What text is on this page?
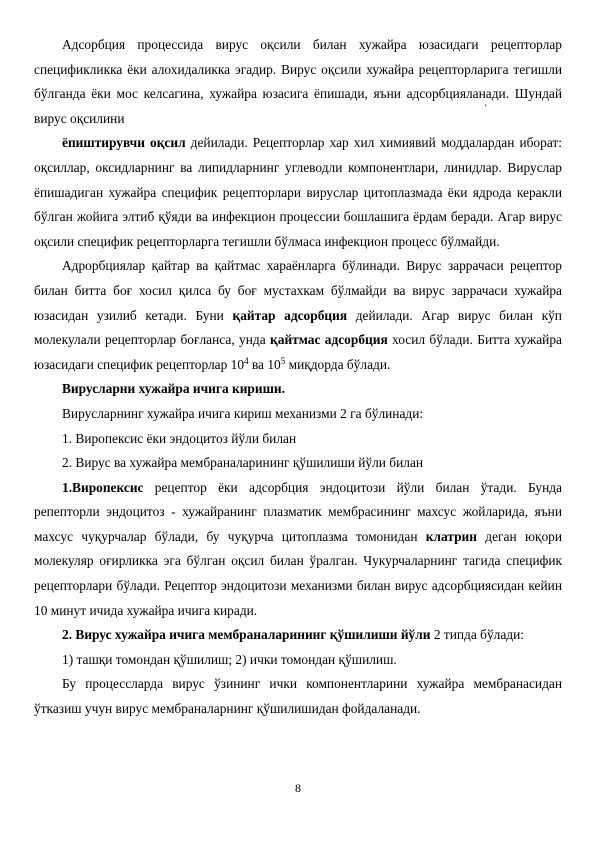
Адсорбция процессида вирус оқсили билан хужайра юзасидаги рецепторлар спецификликка ёки алохидаликка эгадир. Вирус оқсили хужайра рецепторларига тегишли бўлганда ёки мос келсагина, хужайра юзасига ёпишади, яъни адсорбцияланади. Шундай вирус оқсилини

ёпиштирувчи оқсил дейилади. Рецепторлар хар хил химиявий моддалардан иборат: оқсиллар, оксидларнинг ва липидларнинг углеводли компонентлари, линидлар. Вируслар ёпишадиган хужайра специфик рецепторлари вируслар цитоплазмада ёки ядрода керакли бўлган жойига элтиб қўяди ва инфекцион процессии бошлашига ёрдам беради. Агар вирус оқсили специфик рецепторларга тегишли бўлмаса инфекцион процесс бўлмайди.

Адрорбциялар қайтар ва қайтмас хараёнларга бўлинади. Вирус заррачаси рецептор билан битта боғ хосил қилса бу боғ мустахкам бўлмайди ва вирус заррачаси хужайра юзасидан узилиб кетади. Буни қайтар адсорбция дейилади. Агар вирус билан кўп молекулали рецепторлар боғланса, унда қайтмас адсорбция хосил бўлади. Битта хужайра юзасидаги специфик рецепторлар $10^4$ ва $10^5$ миқдорда бўлади.

Вирусларни хужайра ичига кириши.

Вирусларнинг хужайра ичига кириш механизми 2 га бўлинади:

1. Виропексис ёки эндоцитоз йўли билан

2. Вирус ва хужайра мембраналарининг қўшилиши йўли билан

1.Виропексис рецептор ёки адсорбция эндоцитози йўли билан ўтади. Бунда репепторли эндоцитоз - хужайранинг плазматик мембрасининг махсус жойларида, яъни махсус чуқурчалар бўлади, бу чуқурча цитоплазма томонидан клатрин деган юқори молекуляр оғирликка эга бўлган оқсил билан ўралган. Чукурчаларнинг тагида специфик рецепторлари бўлади. Рецептор эндоцитози механизми билан вирус адсорбциясидан кейин 10 минут ичида хужайра ичига киради.

2. Вирус хужайра ичига мембраналарининг қўшилиши йўли 2 типда бўлади:

1) ташқи томондан қўшилиш; 2) ички томондан қўшилиш.

Бу процессларда вирус ўзининг ички компонентларини хужайра мембранасидан ўтказиш учун вирус мембраналарнинг қўшилишидан фойдаланади.

'
8
